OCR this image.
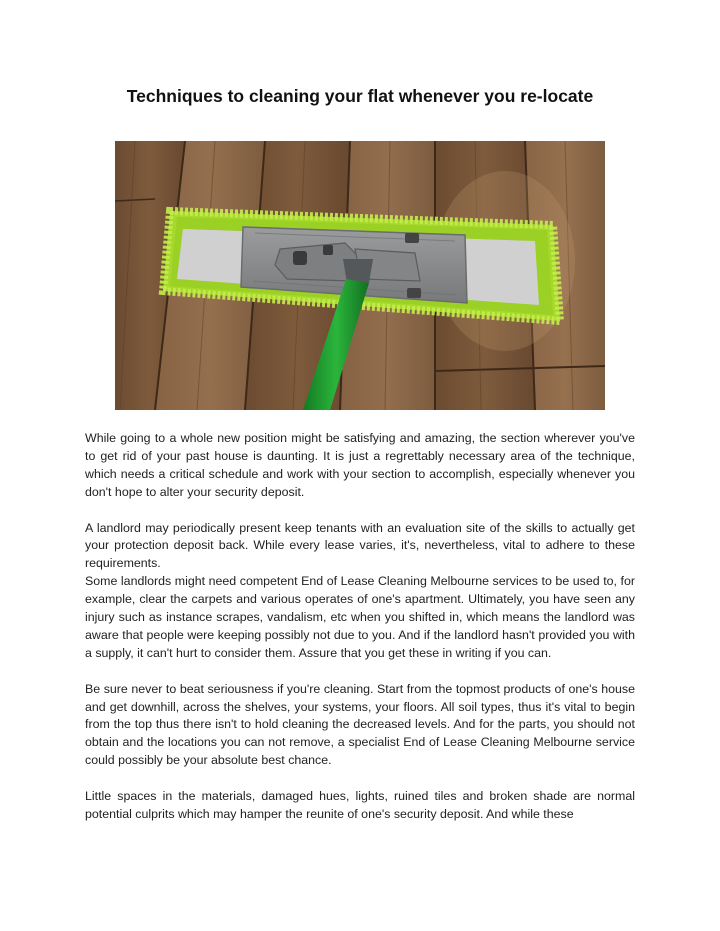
Techniques to cleaning your flat whenever you re-locate

While going to a whole new position might be satisfying and amazing, the section wherever you've to get rid of your past house is daunting. It is just a regrettably necessary area of the technique, which needs a critical schedule and work with your section to accomplish, especially whenever you don't hope to alter your security deposit.

A landlord may periodically present keep tenants with an evaluation site of the skills to actually get your protection deposit back. While every lease varies, it's, nevertheless, vital to adhere to these requirements.

Some landlords might need competent End of Lease Cleaning Melbourne services to be used to, for example, clear the carpets and various operates of one's apartment. Ultimately, you have seen any injury such as instance scrapes, vandalism, etc when you shifted in, which means the landlord was aware that people were keeping possibly not due to you. And if the landlord hasn't provided you with a supply, it can't hurt to consider them. Assure that you get these in writing if you can.

Be sure never to beat seriousness if you're cleaning. Start from the topmost products of one's house and get downhill, across the shelves, your systems, your floors. All soil types, thus it's vital to begin from the top thus there isn't to hold cleaning the decreased levels. And for the parts, you should not obtain and the locations you can not remove, a specialist End of Lease Cleaning Melbourne service could possibly be your absolute best chance.

Little spaces in the materials, damaged hues, lights, ruined tiles and broken shade are normal potential culprits which may hamper the reunite of one's security deposit. And while these
